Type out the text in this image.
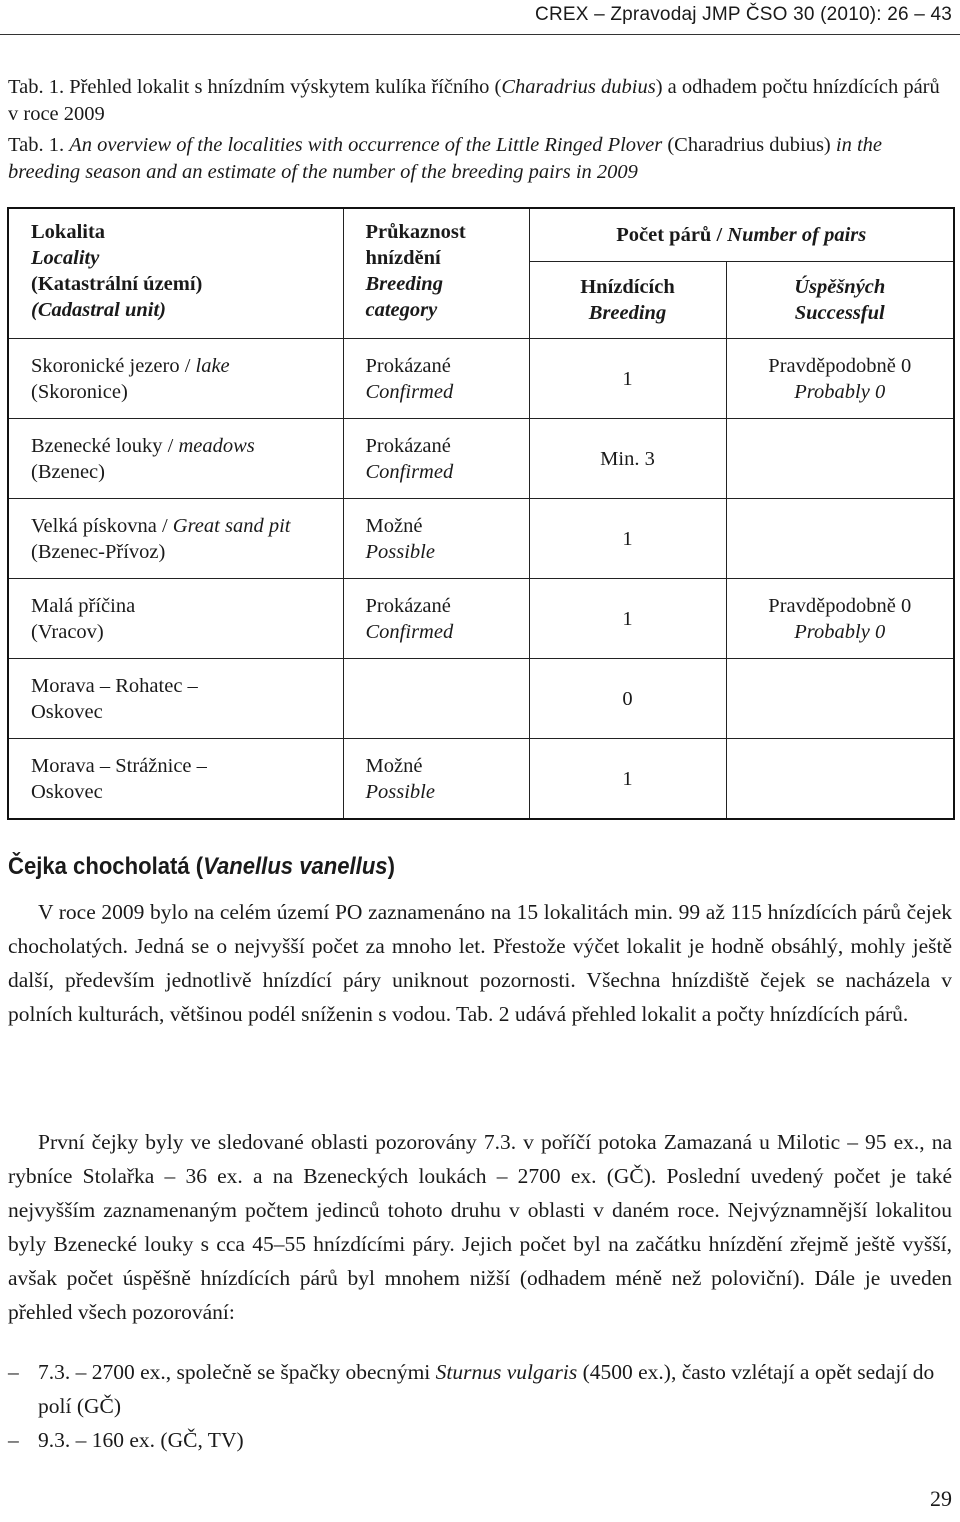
CREX – Zpravodaj JMP ČSO 30 (2010): 26 – 43
Tab. 1. Přehled lokalit s hnízdním výskytem kulíka říčního (Charadrius dubius) a odhadem počtu hnízdících párů v roce 2009
Tab. 1. An overview of the localities with occurrence of the Little Ringed Plover (Charadrius dubius) in the breeding season and an estimate of the number of the breeding pairs in 2009
Lokalita
Locality
(Katastrální území)
(Cadastral unit)	Průkaznost
hnízdění
Breeding
category	Počet párů / Number of pairs	

		Hnízdících
Breeding	Úspěšných
Successful

Skoronické jezero / lake
(Skoronice)	Prokázané
Confirmed	1	Pravděpodobně 0
Probably 0

Bzenecké louky / meadows
(Bzenec)	Prokázané
Confirmed	Min. 3	

Velká pískovna / Great sand pit
(Bzenec-Přívoz)	Možné
Possible	1	

Malá příčina
(Vracov)	Prokázané
Confirmed	1	Pravděpodobně 0
Probably 0

Morava – Rohatec –
Oskovec		0	

Morava – Strážnice –
Oskovec	Možné
Possible	1	
Čejka chocholatá (Vanellus vanellus)

V roce 2009 bylo na celém území PO zaznamenáno na 15 lokalitách min. 99 až 115 hnízdících párů čejek chocholatých. Jedná se o nejvyšší počet za mnoho let. Přestože výčet lokalit je hodně obsáhlý, mohly ještě další, především jednotlivě hnízdící páry uniknout pozornosti. Všechna hnízdiště čejek se nacházela v polních kulturách, většinou podél sníženin s vodou. Tab. 2 udává přehled lokalit a počty hnízdících párů.

První čejky byly ve sledované oblasti pozorovány 7.3. v poříčí potoka Zamazaná u Milotic – 95 ex., na rybníce Stolařka – 36 ex. a na Bzeneckých loukách – 2700 ex. (GČ). Poslední uvedený počet je také nejvyšším zaznamenaným počtem jedinců tohoto druhu v oblasti v daném roce. Nejvýznamnější lokalitou byly Bzenecké louky s cca 45–55 hnízdícími páry. Jejich počet byl na začátku hnízdění zřejmě ještě vyšší, avšak počet úspěšně hnízdících párů byl mnohem nižší (odhadem méně než poloviční). Dále je uveden přehled všech pozorování:

– 7.3. – 2700 ex., společně se špačky obecnými Sturnus vulgaris (4500 ex.), často vzlétají a opět sedají do polí (GČ)
– 9.3. – 160 ex. (GČ, TV)
29
